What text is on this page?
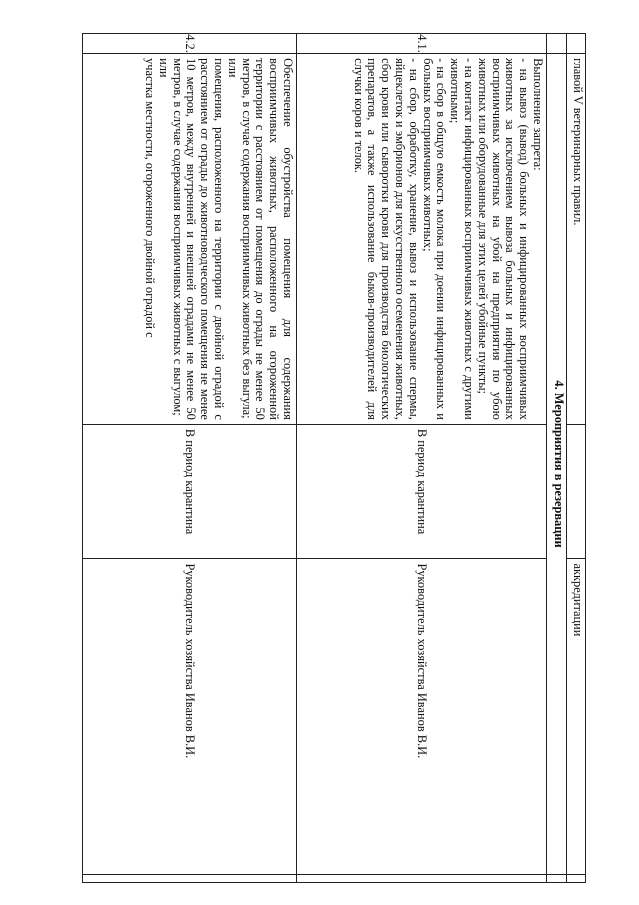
	главой V ветеринарных правил.		аккредитации	
	4. Мероприятия в резервации			
4.1.	Выполнение запрета:
- на вывоз (вывод) больных и инфицированных восприимчивых животных за исключением вывоза больных и инфицированных восприимчивых животных на убой на предприятия по убою животных или оборудованные для этих целей убойные пункты;
- на контакт инфицированных восприимчивых животных с другими животными;
- на сбор в общую емкость молока при доении инфицированных и больных восприимчивых животных;
- на сбор, обработку, хранение, вывоз и использование спермы, яйцеклеток и эмбрионов для искусственного осеменения животных, сбор крови или сыворотки крови для производства биологических препаратов, а также использование быков-производителей для случки коров и телок.	В период карантина	Руководитель хозяйства Иванов В.И.	
4.2.	Обеспечение обустройства помещения для содержания восприимчивых животных, расположенного на огороженной территории с расстоянием от помещения до ограды не менее 50 метров, в случае содержания восприимчивых животных без выгула;
или
помещения, расположенного на территории с двойной оградой с расстоянием от ограды до животноводческого помещения не менее 10 метров, между внутренней и внешней оградами не менее 50 метров, в случае содержания восприимчивых животных с выгулом;
или
участка местности, огороженного двойной оградой с	В период карантина	Руководитель хозяйства Иванов В.И.	
